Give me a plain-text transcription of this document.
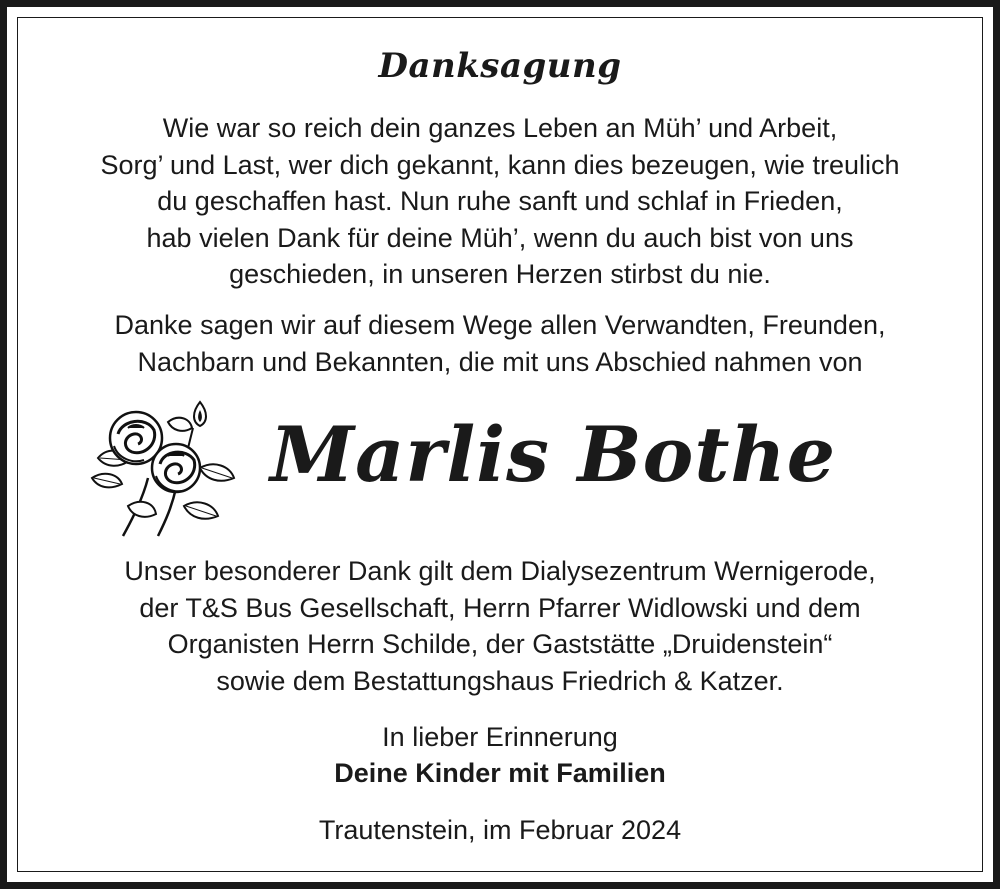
Danksagung
Wie war so reich dein ganzes Leben an Müh’ und Arbeit,
Sorg’ und Last, wer dich gekannt, kann dies bezeugen, wie treulich
du geschaffen hast. Nun ruhe sanft und schlaf in Frieden,
hab vielen Dank für deine Müh’, wenn du auch bist von uns
geschieden, in unseren Herzen stirbst du nie.
Danke sagen wir auf diesem Wege allen Verwandten, Freunden,
Nachbarn und Bekannten, die mit uns Abschied nahmen von
Marlis Bothe
Unser besonderer Dank gilt dem Dialysezentrum Wernigerode,
der T&S Bus Gesellschaft, Herrn Pfarrer Widlowski und dem
Organisten Herrn Schilde, der Gaststätte „Druidenstein“
sowie dem Bestattungshaus Friedrich & Katzer.
In lieber Erinnerung
Deine Kinder mit Familien
Trautenstein, im Februar 2024
